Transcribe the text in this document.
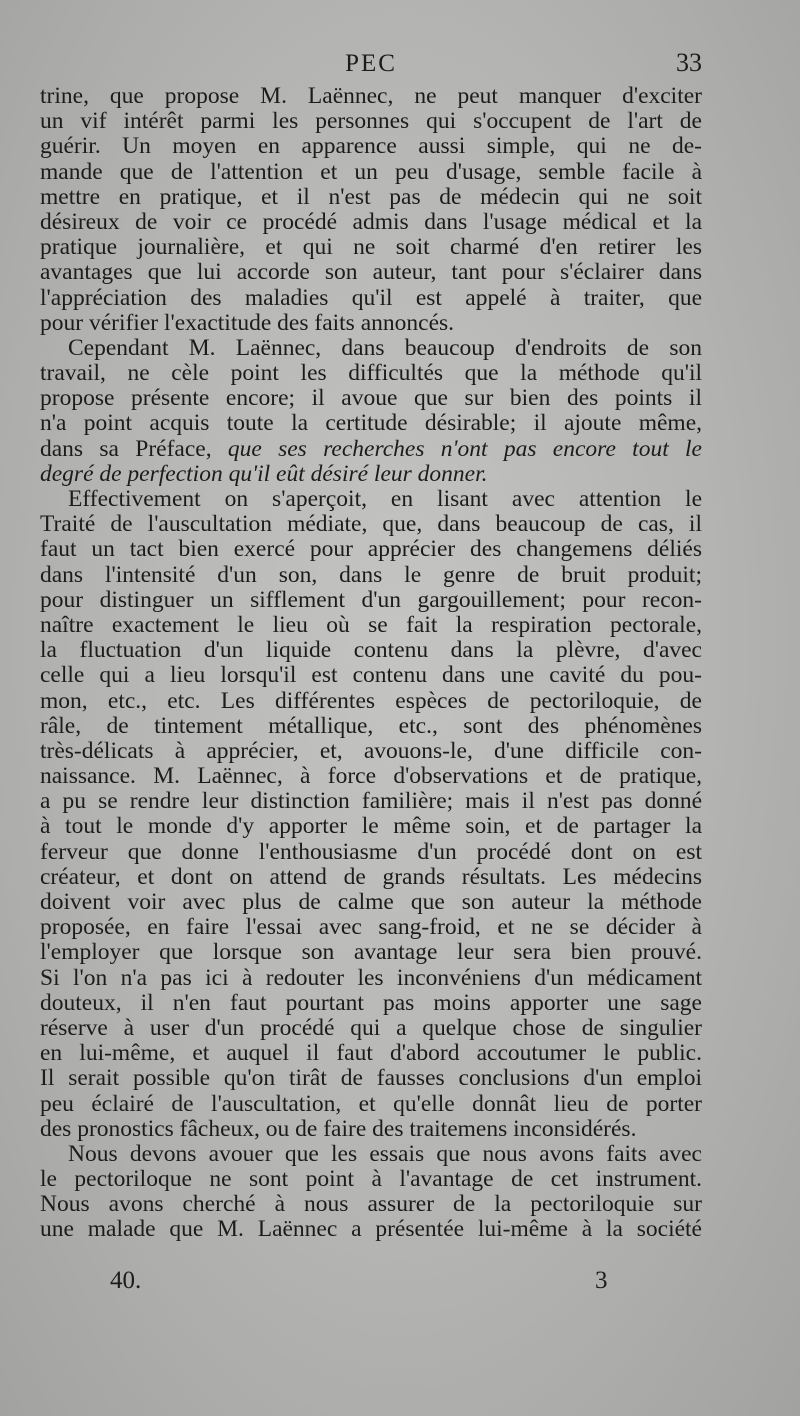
PEC	33

trine, que propose M. Laënnec, ne peut manquer d'exciter
un vif intérêt parmi les personnes qui s'occupent de l'art de
guérir. Un moyen en apparence aussi simple, qui ne de-
mande que de l'attention et un peu d'usage, semble facile à
mettre en pratique, et il n'est pas de médecin qui ne soit
désireux de voir ce procédé admis dans l'usage médical et la
pratique journalière, et qui ne soit charmé d'en retirer les
avantages que lui accorde son auteur, tant pour s'éclairer dans
l'appréciation des maladies qu'il est appelé à traiter, que
pour vérifier l'exactitude des faits annoncés.

Cependant M. Laënnec, dans beaucoup d'endroits de son
travail, ne cèle point les difficultés que la méthode qu'il
propose présente encore; il avoue que sur bien des points il
n'a point acquis toute la certitude désirable; il ajoute même,
dans sa Préface, que ses recherches n'ont pas encore tout le
degré de perfection qu'il eût désiré leur donner.

Effectivement on s'aperçoit, en lisant avec attention le
Traité de l'auscultation médiate, que, dans beaucoup de cas, il
faut un tact bien exercé pour apprécier des changemens déliés
dans l'intensité d'un son, dans le genre de bruit produit;
pour distinguer un sifflement d'un gargouillement; pour recon-
naître exactement le lieu où se fait la respiration pectorale,
la fluctuation d'un liquide contenu dans la plèvre, d'avec
celle qui a lieu lorsqu'il est contenu dans une cavité du pou-
mon, etc., etc. Les différentes espèces de pectoriloquie, de
râle, de tintement métallique, etc., sont des phénomènes
très-délicats à apprécier, et, avouons-le, d'une difficile con-
naissance. M. Laënnec, à force d'observations et de pratique,
a pu se rendre leur distinction familière; mais il n'est pas donné
à tout le monde d'y apporter le même soin, et de partager la
ferveur que donne l'enthousiasme d'un procédé dont on est
créateur, et dont on attend de grands résultats. Les médecins
doivent voir avec plus de calme que son auteur la méthode
proposée, en faire l'essai avec sang-froid, et ne se décider à
l'employer que lorsque son avantage leur sera bien prouvé.
Si l'on n'a pas ici à redouter les inconvéniens d'un médicament
douteux, il n'en faut pourtant pas moins apporter une sage
réserve à user d'un procédé qui a quelque chose de singulier
en lui-même, et auquel il faut d'abord accoutumer le public.
Il serait possible qu'on tirât de fausses conclusions d'un emploi
peu éclairé de l'auscultation, et qu'elle donnât lieu de porter
des pronostics fâcheux, ou de faire des traitemens inconsidérés.

Nous devons avouer que les essais que nous avons faits avec
le pectoriloque ne sont point à l'avantage de cet instrument.
Nous avons cherché à nous assurer de la pectoriloquie sur
une malade que M. Laënnec a présentée lui-même à la société

40.	3
